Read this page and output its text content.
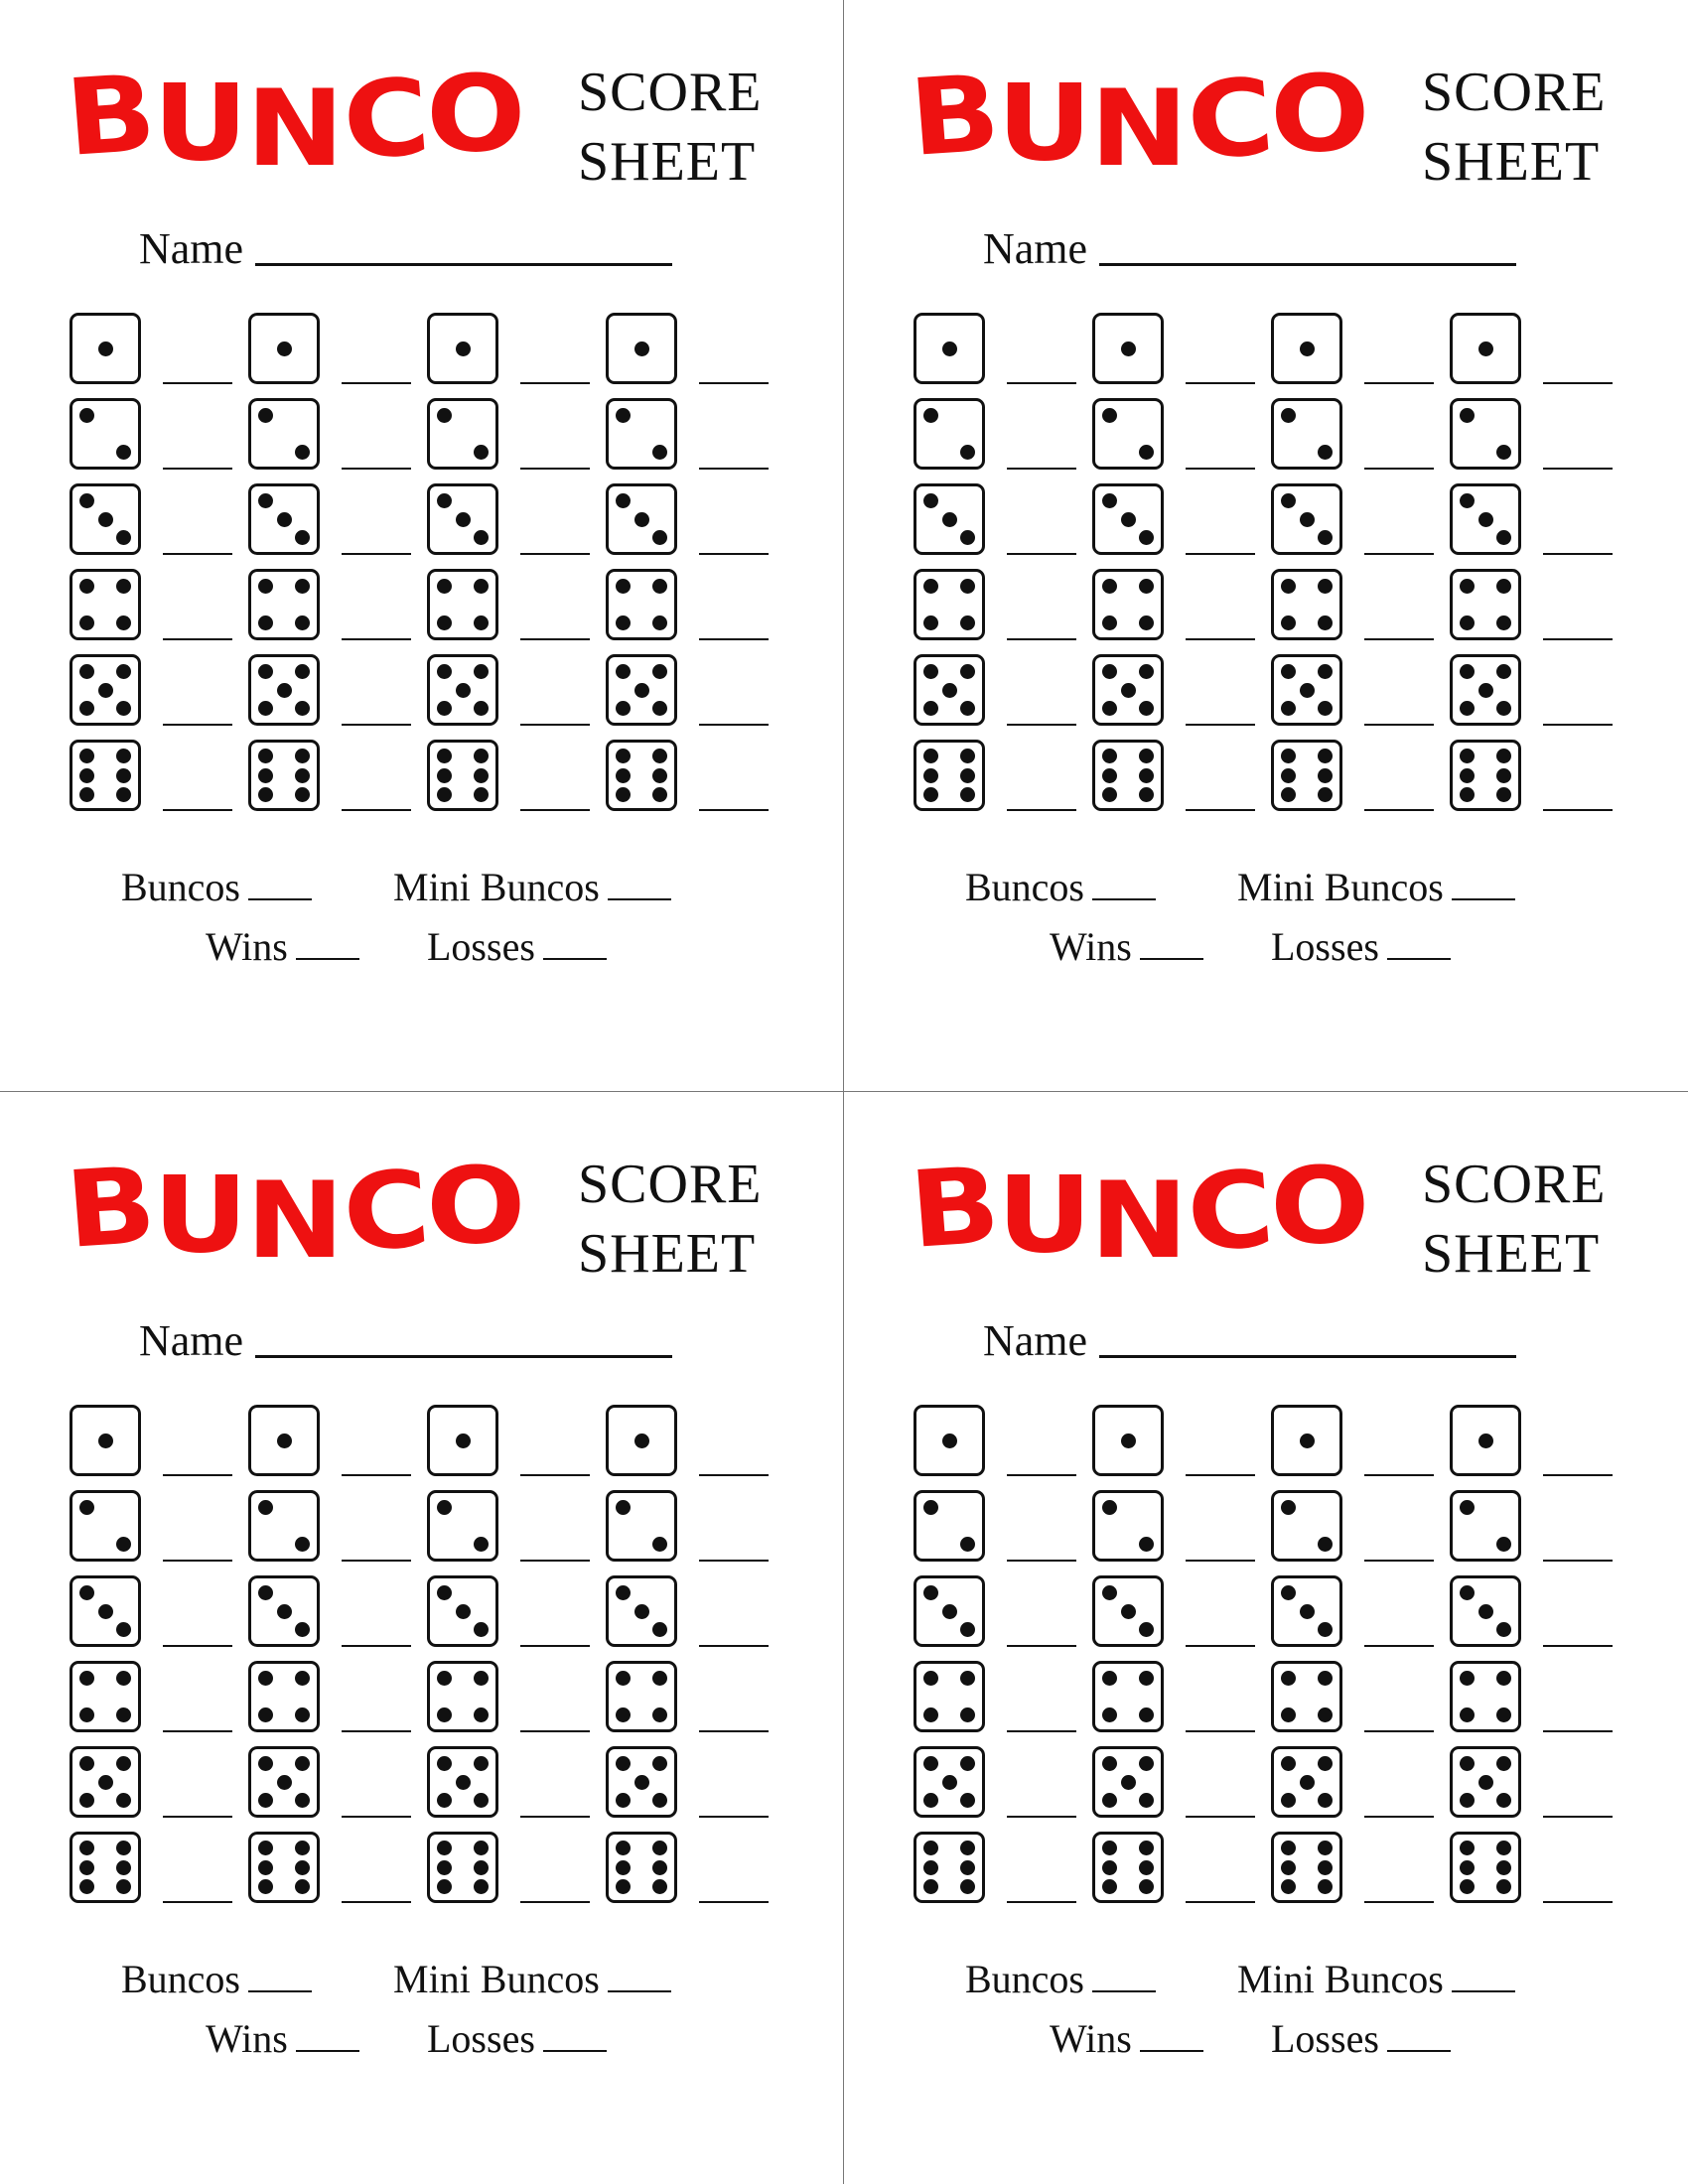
BUNCO SCORE
SHEET
Name
Buncos	Mini Buncos
Wins	Losses
BUNCO SCORE
SHEET
Name
Buncos	Mini Buncos
Wins	Losses
BUNCO SCORE
SHEET
Name
Buncos	Mini Buncos
Wins	Losses
BUNCO SCORE
SHEET
Name
Buncos	Mini Buncos
Wins	Losses
